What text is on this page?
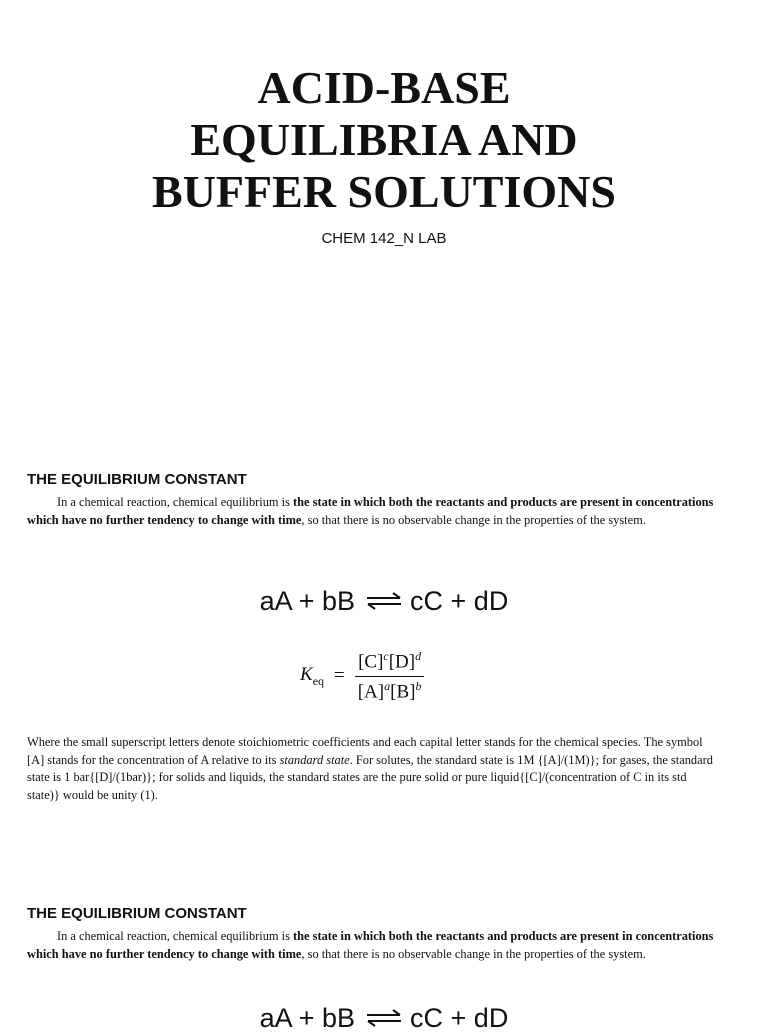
ACID-BASE
EQUILIBRIA AND
BUFFER SOLUTIONS

CHEM 142_N LAB

THE EQUILIBRIUM CONSTANT

In a chemical reaction, chemical equilibrium is the state in which both the reactants and products are present in concentrations which have no further tendency to change with time, so that there is no observable change in the properties of the system.

aA + bB ⇌ cC + dD
$K_{eq} = \frac{[C]^c[D]^d}{[A]^a[B]^b}$

Where the small superscript letters denote stoichiometric coefficients and each capital letter stands for the chemical species. The symbol [A] stands for the concentration of A relative to its standard state. For solutes, the standard state is 1M {[A]/(1M)}; for gases, the standard state is 1 bar{[D]/(1bar)}; for solids and liquids, the standard states are the pure solid or pure liquid{[C]/(concentration of C in its std state)} would be unity (1).

THE EQUILIBRIUM CONSTANT

In a chemical reaction, chemical equilibrium is the state in which both the reactants and products are present in concentrations which have no further tendency to change with time, so that there is no observable change in the properties of the system.

aA + bB ⇌ cC + dD
